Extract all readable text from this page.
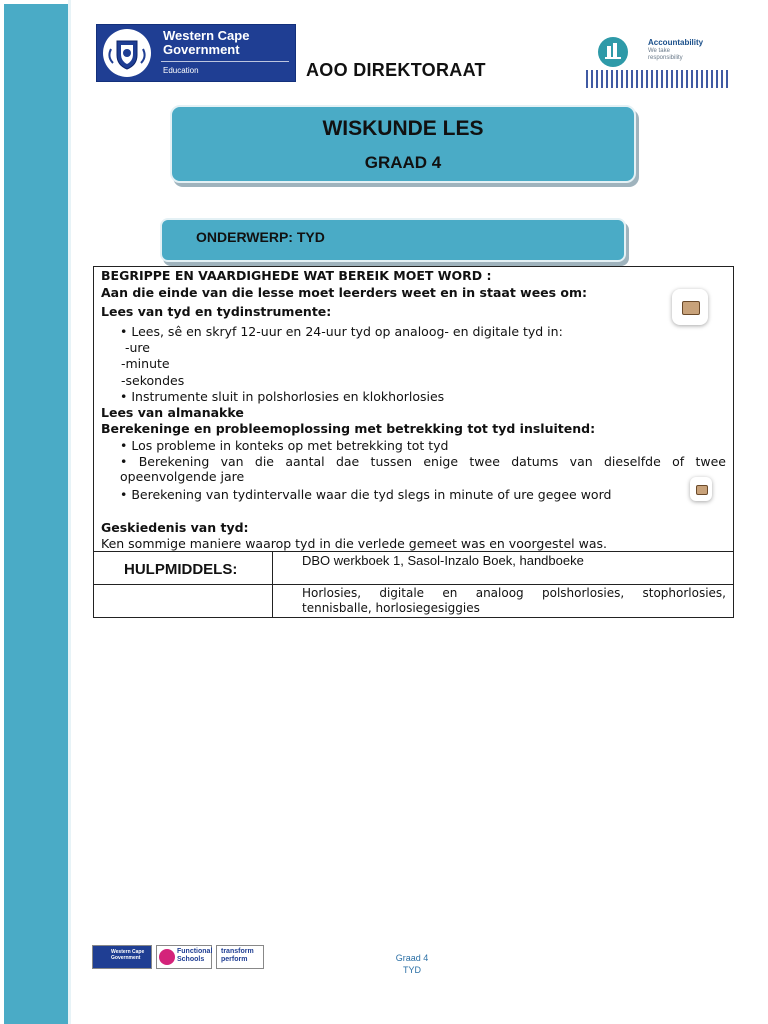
Western Cape
Government
Education	AOO DIREKTORAAT
Accountability
We take
responsibility
WISKUNDE LES
GRAAD 4
ONDERWERP: TYD
BEGRIPPE EN VAARDIGHEDE WAT BEREIK MOET WORD :
Aan die einde van die lesse moet leerders weet en in staat wees om:
Lees van tyd en tydinstrumente:
• Lees, sê en skryf 12-uur en 24-uur tyd op analoog- en digitale tyd in:
-ure
-minute
-sekondes
• Instrumente sluit in polshorlosies en klokhorlosies
Lees van almanakke
Berekeninge en probleemoplossing met betrekking tot tyd insluitend:
• Los probleme in konteks op met betrekking tot tyd
• Berekening van die aantal dae tussen enige twee datums van dieselfde of twee opeenvolgende jare
• Berekening van tydintervalle waar die tyd slegs in minute of ure gegee word
Geskiedenis van tyd:
Ken sommige maniere waarop tyd in die verlede gemeet was en voorgestel was.
HULPMIDDELS:
DBO werkboek 1, Sasol-Inzalo Boek, handboeke
Horlosies, digitale en analoog polshorlosies, stophorlosies, tennisballe, horlosiegesiggies
Western Cape Government
Functional Schools
transform perform	Graad 4
TYD
